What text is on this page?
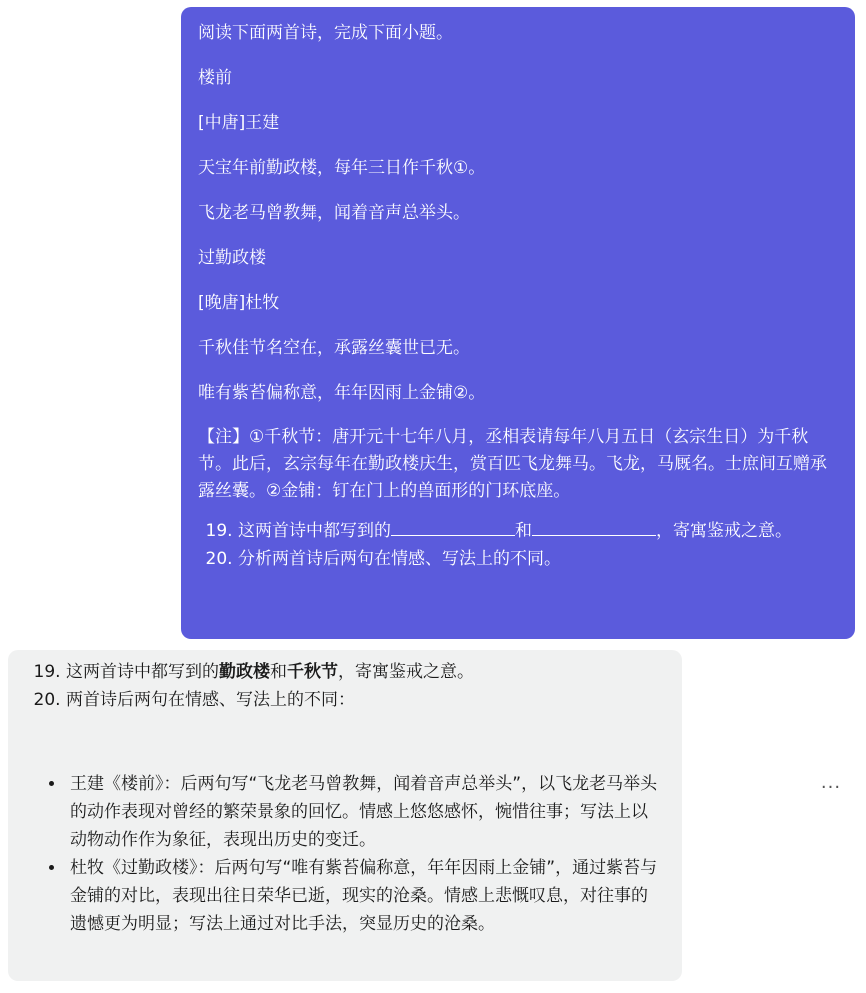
阅读下面两首诗，完成下面小题。

楼前

[中唐]王建

天宝年前勤政楼，每年三日作千秋①。

飞龙老马曾教舞，闻着音声总举头。

过勤政楼

[晚唐]杜牧

千秋佳节名空在，承露丝囊世已无。

唯有紫苔偏称意，年年因雨上金铺②。

【注】①千秋节：唐开元十七年八月，丞相表请每年八月五日（玄宗生日）为千秋节。此后，玄宗每年在勤政楼庆生，赏百匹飞龙舞马。飞龙，马厩名。士庶间互赠承露丝囊。②金铺：钉在门上的兽面形的门环底座。

19. 这两首诗中都写到的	和	，寄寓鉴戒之意。
20. 分析两首诗后两句在情感、写法上的不同。
19. 这两首诗中都写到的勤政楼和千秋节，寄寓鉴戒之意。
20. 两首诗后两句在情感、写法上的不同：
• 王建《楼前》：后两句写“飞龙老马曾教舞，闻着音声总举头”，以飞龙老马举头的动作表现对曾经的繁荣景象的回忆。情感上悠悠感怀，惋惜往事；写法上以动物动作作为象征，表现出历史的变迁。
• 杜牧《过勤政楼》：后两句写“唯有紫苔偏称意，年年因雨上金铺”，通过紫苔与金铺的对比，表现出往日荣华已逝，现实的沧桑。情感上悲慨叹息，对往事的遗憾更为明显；写法上通过对比手法，突显历史的沧桑。
···
